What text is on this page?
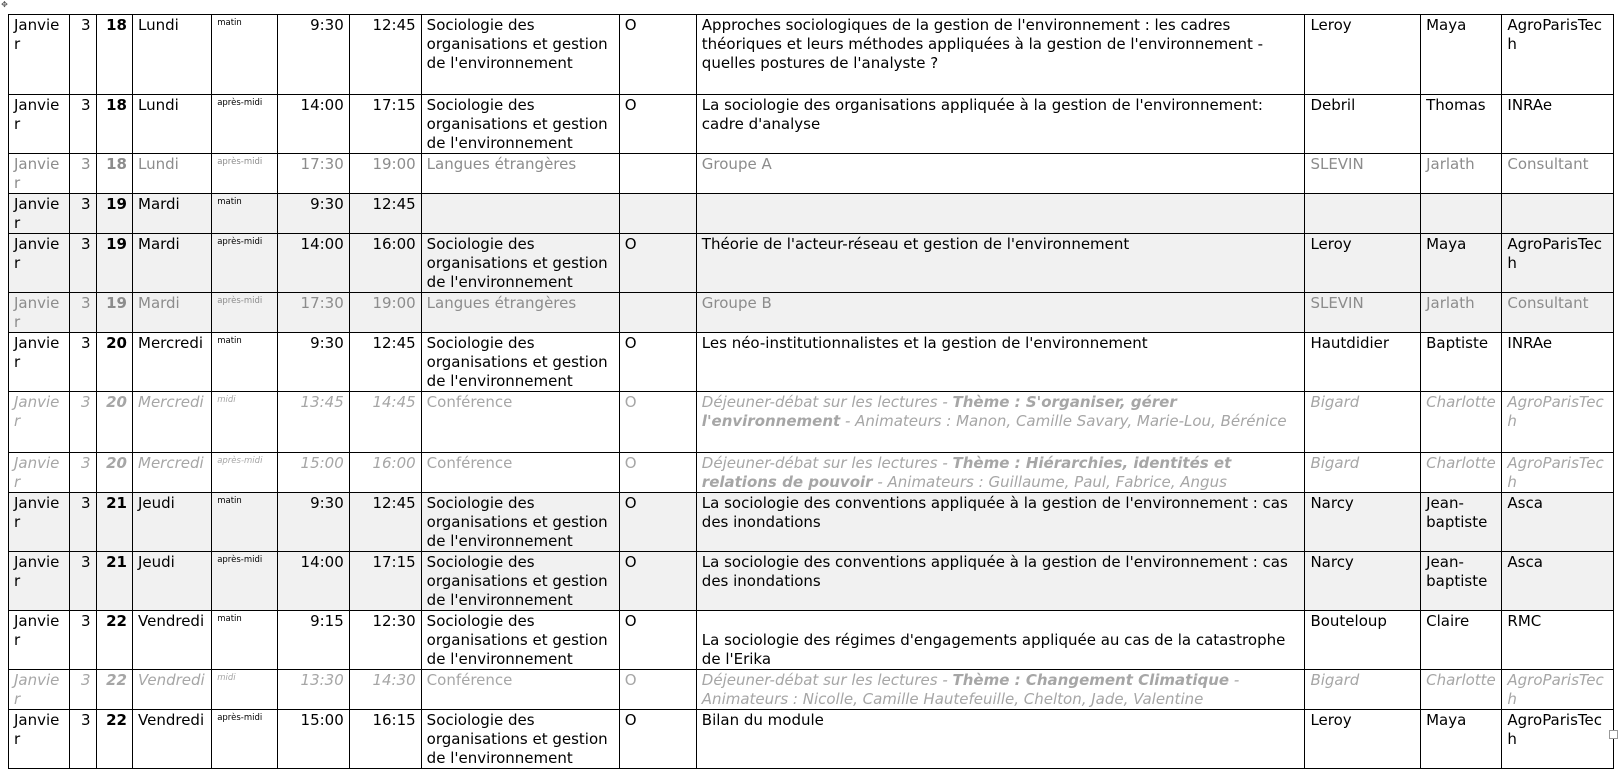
✥
Janvier	3	18	Lundi	matin	9:30	12:45	Sociologie des organisations et gestion de l'environnement	O	Approches sociologiques de la gestion de l'environnement : les cadres théoriques et leurs méthodes appliquées à la gestion de l'environnement - quelles postures de l'analyste ?	Leroy	Maya	AgroParisTech
Janvier	3	18	Lundi	après-midi	14:00	17:15	Sociologie des organisations et gestion de l'environnement	O	La sociologie des organisations appliquée à la gestion de l'environnement: cadre d'analyse	Debril	Thomas	INRAe
Janvier	3	18	Lundi	après-midi	17:30	19:00	Langues étrangères		Groupe A	SLEVIN	Jarlath	Consultant
Janvier	3	19	Mardi	matin	9:30	12:45						
Janvier	3	19	Mardi	après-midi	14:00	16:00	Sociologie des organisations et gestion de l'environnement	O	Théorie de l'acteur-réseau et gestion de l'environnement	Leroy	Maya	AgroParisTech
Janvier	3	19	Mardi	après-midi	17:30	19:00	Langues étrangères		Groupe B	SLEVIN	Jarlath	Consultant
Janvier	3	20	Mercredi	matin	9:30	12:45	Sociologie des organisations et gestion de l'environnement	O	Les néo-institutionnalistes et la gestion de l'environnement	Hautdidier	Baptiste	INRAe
Janvier	3	20	Mercredi	midi	13:45	14:45	Conférence	O	Déjeuner-débat sur les lectures - Thème : S'organiser, gérer l'environnement - Animateurs : Manon, Camille Savary, Marie-Lou, Bérénice	Bigard	Charlotte	AgroParisTech
Janvier	3	20	Mercredi	après-midi	15:00	16:00	Conférence	O	Déjeuner-débat sur les lectures - Thème : Hiérarchies, identités et relations de pouvoir - Animateurs : Guillaume, Paul, Fabrice, Angus	Bigard	Charlotte	AgroParisTech
Janvier	3	21	Jeudi	matin	9:30	12:45	Sociologie des organisations et gestion de l'environnement	O	La sociologie des conventions appliquée à la gestion de l'environnement : cas des inondations	Narcy	Jean-baptiste	Asca
Janvier	3	21	Jeudi	après-midi	14:00	17:15	Sociologie des organisations et gestion de l'environnement	O	La sociologie des conventions appliquée à la gestion de l'environnement : cas des inondations	Narcy	Jean-baptiste	Asca
Janvier	3	22	Vendredi	matin	9:15	12:30	Sociologie des organisations et gestion de l'environnement	O	La sociologie des régimes d'engagements appliquée au cas de la catastrophe de l'Erika	Bouteloup	Claire	RMC
Janvier	3	22	Vendredi	midi	13:30	14:30	Conférence	O	Déjeuner-débat sur les lectures - Thème : Changement Climatique - Animateurs : Nicolle, Camille Hautefeuille, Chelton, Jade, Valentine	Bigard	Charlotte	AgroParisTech
Janvier	3	22	Vendredi	après-midi	15:00	16:15	Sociologie des organisations et gestion de l'environnement	O	Bilan du module	Leroy	Maya	AgroParisTech
